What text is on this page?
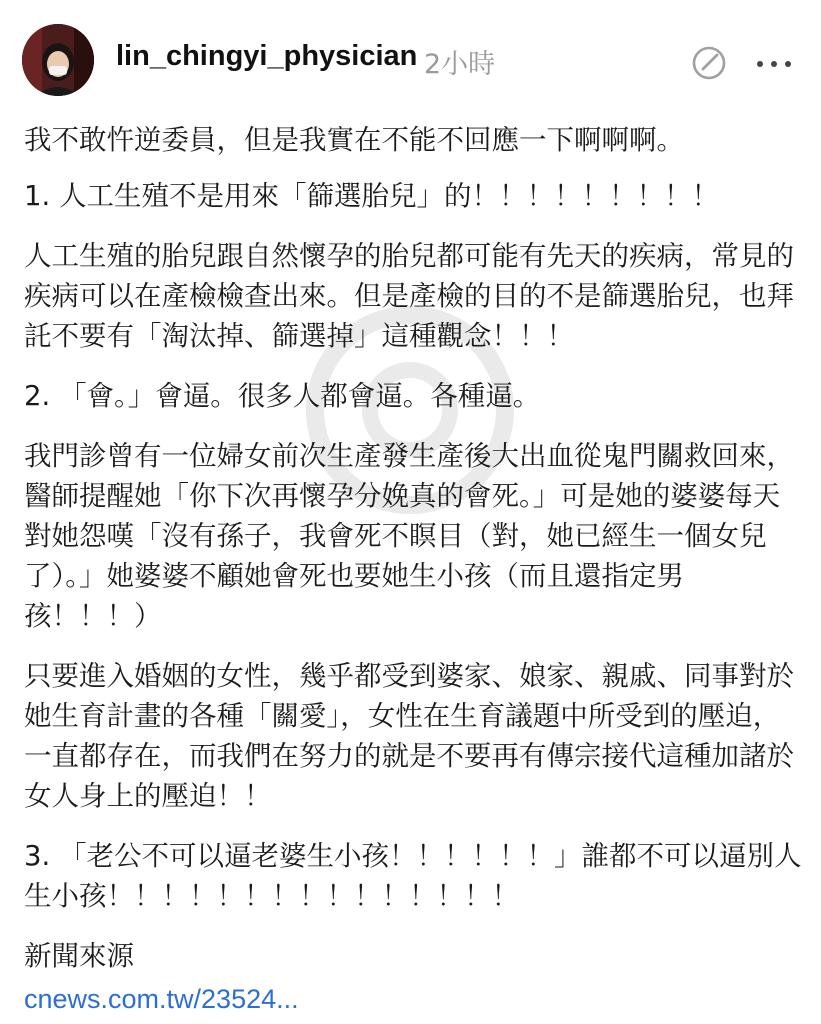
lin_chingyi_physician 2小時

我不敢忤逆委員，但是我實在不能不回應一下啊啊啊。

1. 人工生殖不是用來「篩選胎兒」的！！！！！！！！！

人工生殖的胎兒跟自然懷孕的胎兒都可能有先天的疾病，常見的疾病可以在產檢檢查出來。但是產檢的目的不是篩選胎兒，也拜託不要有「淘汰掉、篩選掉」這種觀念！！！

2. 「會。」會逼。很多人都會逼。各種逼。

我門診曾有一位婦女前次生產發生產後大出血從鬼門關救回來，醫師提醒她「你下次再懷孕分娩真的會死。」可是她的婆婆每天對她怨嘆「沒有孫子，我會死不瞑目（對，她已經生一個女兒了）。」她婆婆不顧她會死也要她生小孩（而且還指定男孩！！！）

只要進入婚姻的女性，幾乎都受到婆家、娘家、親戚、同事對於她生育計畫的各種「關愛」，女性在生育議題中所受到的壓迫，一直都存在，而我們在努力的就是不要再有傳宗接代這種加諸於女人身上的壓迫！！

3. 「老公不可以逼老婆生小孩！！！！！！」誰都不可以逼別人生小孩！！！！！！！！！！！！！！！

新聞來源

cnews.com.tw/23524...
